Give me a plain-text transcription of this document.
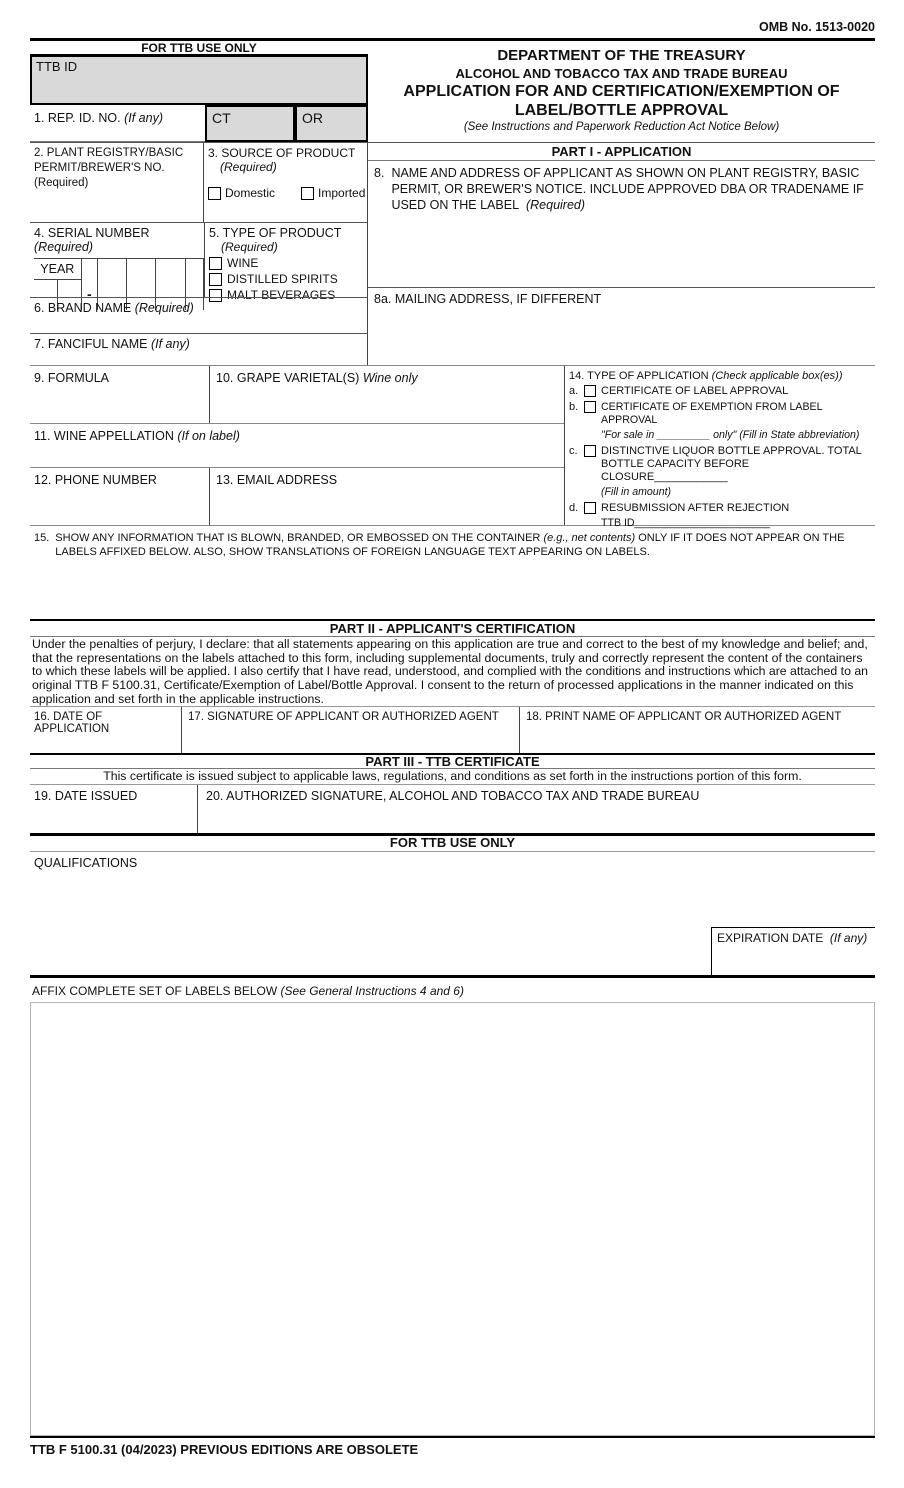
OMB No. 1513-0020
FOR TTB USE ONLY
TTB ID
1. REP. ID. NO. (If any)	CT	OR
DEPARTMENT OF THE TREASURY
ALCOHOL AND TOBACCO TAX AND TRADE BUREAU
APPLICATION FOR AND CERTIFICATION/EXEMPTION OF
LABEL/BOTTLE APPROVAL
(See Instructions and Paperwork Reduction Act Notice Below)
2. PLANT REGISTRY/BASIC PERMIT/BREWER'S NO. (Required)
3. SOURCE OF PRODUCT
(Required)
Domestic	Imported
4. SERIAL NUMBER (Required)
YEAR
-
5. TYPE OF PRODUCT
(Required)
WINE
DISTILLED SPIRITS
MALT BEVERAGES
6. BRAND NAME (Required)
7. FANCIFUL NAME (If any)
PART I - APPLICATION
8. NAME AND ADDRESS OF APPLICANT AS SHOWN ON PLANT REGISTRY, BASIC PERMIT, OR BREWER'S NOTICE. INCLUDE APPROVED DBA OR TRADENAME IF USED ON THE LABEL (Required)
8a. MAILING ADDRESS, IF DIFFERENT
9. FORMULA	10. GRAPE VARIETAL(S) Wine only
11. WINE APPELLATION (If on label)
12. PHONE NUMBER	13. EMAIL ADDRESS
14. TYPE OF APPLICATION (Check applicable box(es))
a. CERTIFICATE OF LABEL APPROVAL
b. CERTIFICATE OF EXEMPTION FROM LABEL APPROVAL
"For sale in _________ only" (Fill in State abbreviation)
c. DISTINCTIVE LIQUOR BOTTLE APPROVAL. TOTAL BOTTLE CAPACITY BEFORE CLOSURE____________
(Fill in amount)
d. RESUBMISSION AFTER REJECTION
TTB ID_______________________
15. SHOW ANY INFORMATION THAT IS BLOWN, BRANDED, OR EMBOSSED ON THE CONTAINER (e.g., net contents) ONLY IF IT DOES NOT APPEAR ON THE LABELS AFFIXED BELOW. ALSO, SHOW TRANSLATIONS OF FOREIGN LANGUAGE TEXT APPEARING ON LABELS.
PART II - APPLICANT'S CERTIFICATION
Under the penalties of perjury, I declare: that all statements appearing on this application are true and correct to the best of my knowledge and belief; and, that the representations on the labels attached to this form, including supplemental documents, truly and correctly represent the content of the containers to which these labels will be applied. I also certify that I have read, understood, and complied with the conditions and instructions which are attached to an original TTB F 5100.31, Certificate/Exemption of Label/Bottle Approval. I consent to the return of processed applications in the manner indicated on this application and set forth in the applicable instructions.
16. DATE OF APPLICATION
17. SIGNATURE OF APPLICANT OR AUTHORIZED AGENT	18. PRINT NAME OF APPLICANT OR AUTHORIZED AGENT
PART III - TTB CERTIFICATE
This certificate is issued subject to applicable laws, regulations, and conditions as set forth in the instructions portion of this form.
19. DATE ISSUED	20. AUTHORIZED SIGNATURE, ALCOHOL AND TOBACCO TAX AND TRADE BUREAU
FOR TTB USE ONLY
QUALIFICATIONS
EXPIRATION DATE (If any)
AFFIX COMPLETE SET OF LABELS BELOW (See General Instructions 4 and 6)
TTB F 5100.31 (04/2023) PREVIOUS EDITIONS ARE OBSOLETE
